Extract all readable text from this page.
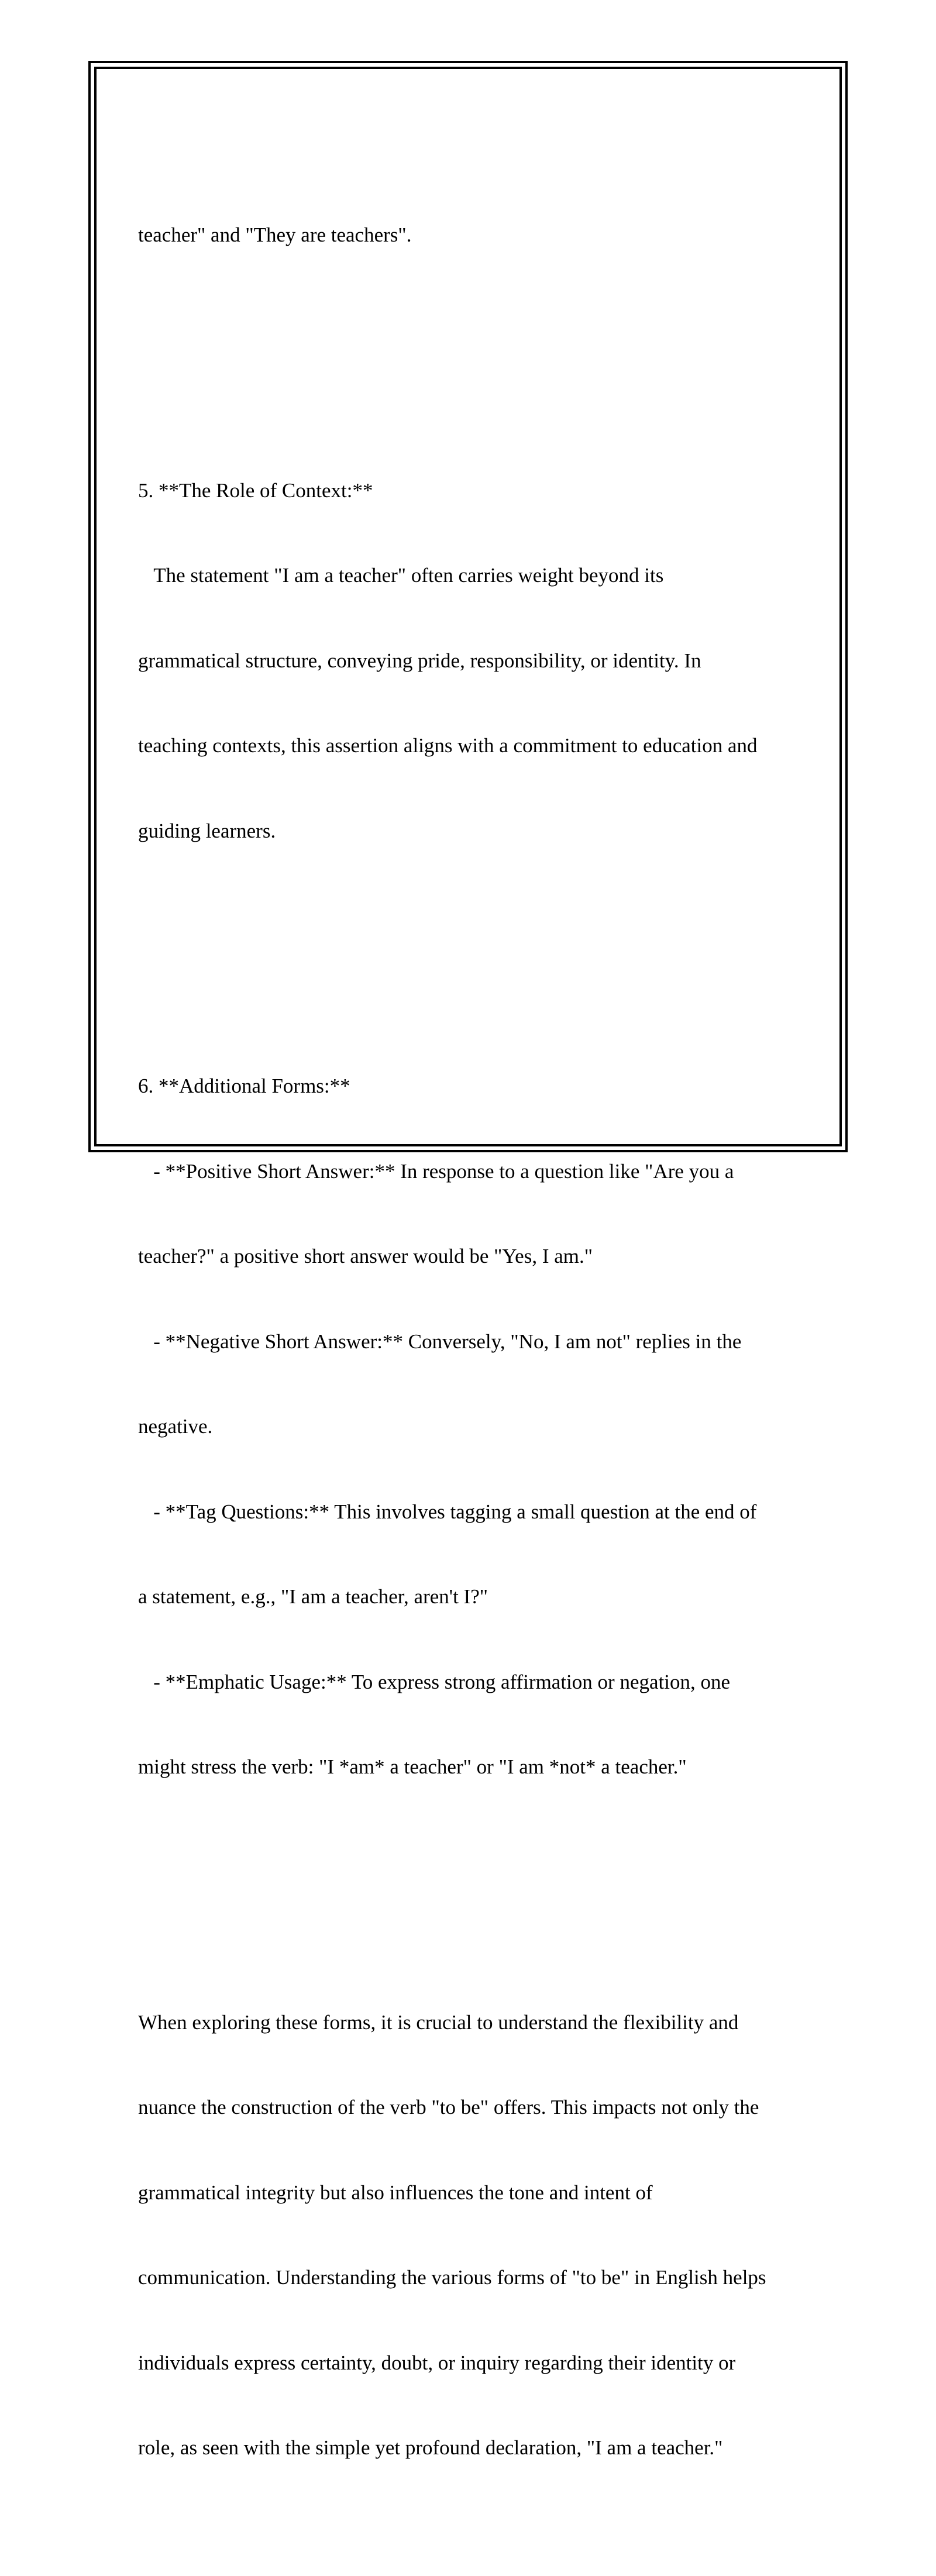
teacher" and "They are teachers".

5. **The Role of Context:**

The statement "I am a teacher" often carries weight beyond its

grammatical structure, conveying pride, responsibility, or identity. In

teaching contexts, this assertion aligns with a commitment to education and

guiding learners.

6. **Additional Forms:**

- **Positive Short Answer:** In response to a question like "Are you a

teacher?" a positive short answer would be "Yes, I am."

- **Negative Short Answer:** Conversely, "No, I am not" replies in the

negative.

- **Tag Questions:** This involves tagging a small question at the end of

a statement, e.g., "I am a teacher, aren't I?"

- **Emphatic Usage:** To express strong affirmation or negation, one

might stress the verb: "I *am* a teacher" or "I am *not* a teacher."

When exploring these forms, it is crucial to understand the flexibility and

nuance the construction of the verb "to be" offers. This impacts not only the

grammatical integrity but also influences the tone and intent of

communication. Understanding the various forms of "to be" in English helps

individuals express certainty, doubt, or inquiry regarding their identity or

role, as seen with the simple yet profound declaration, "I am a teacher."
